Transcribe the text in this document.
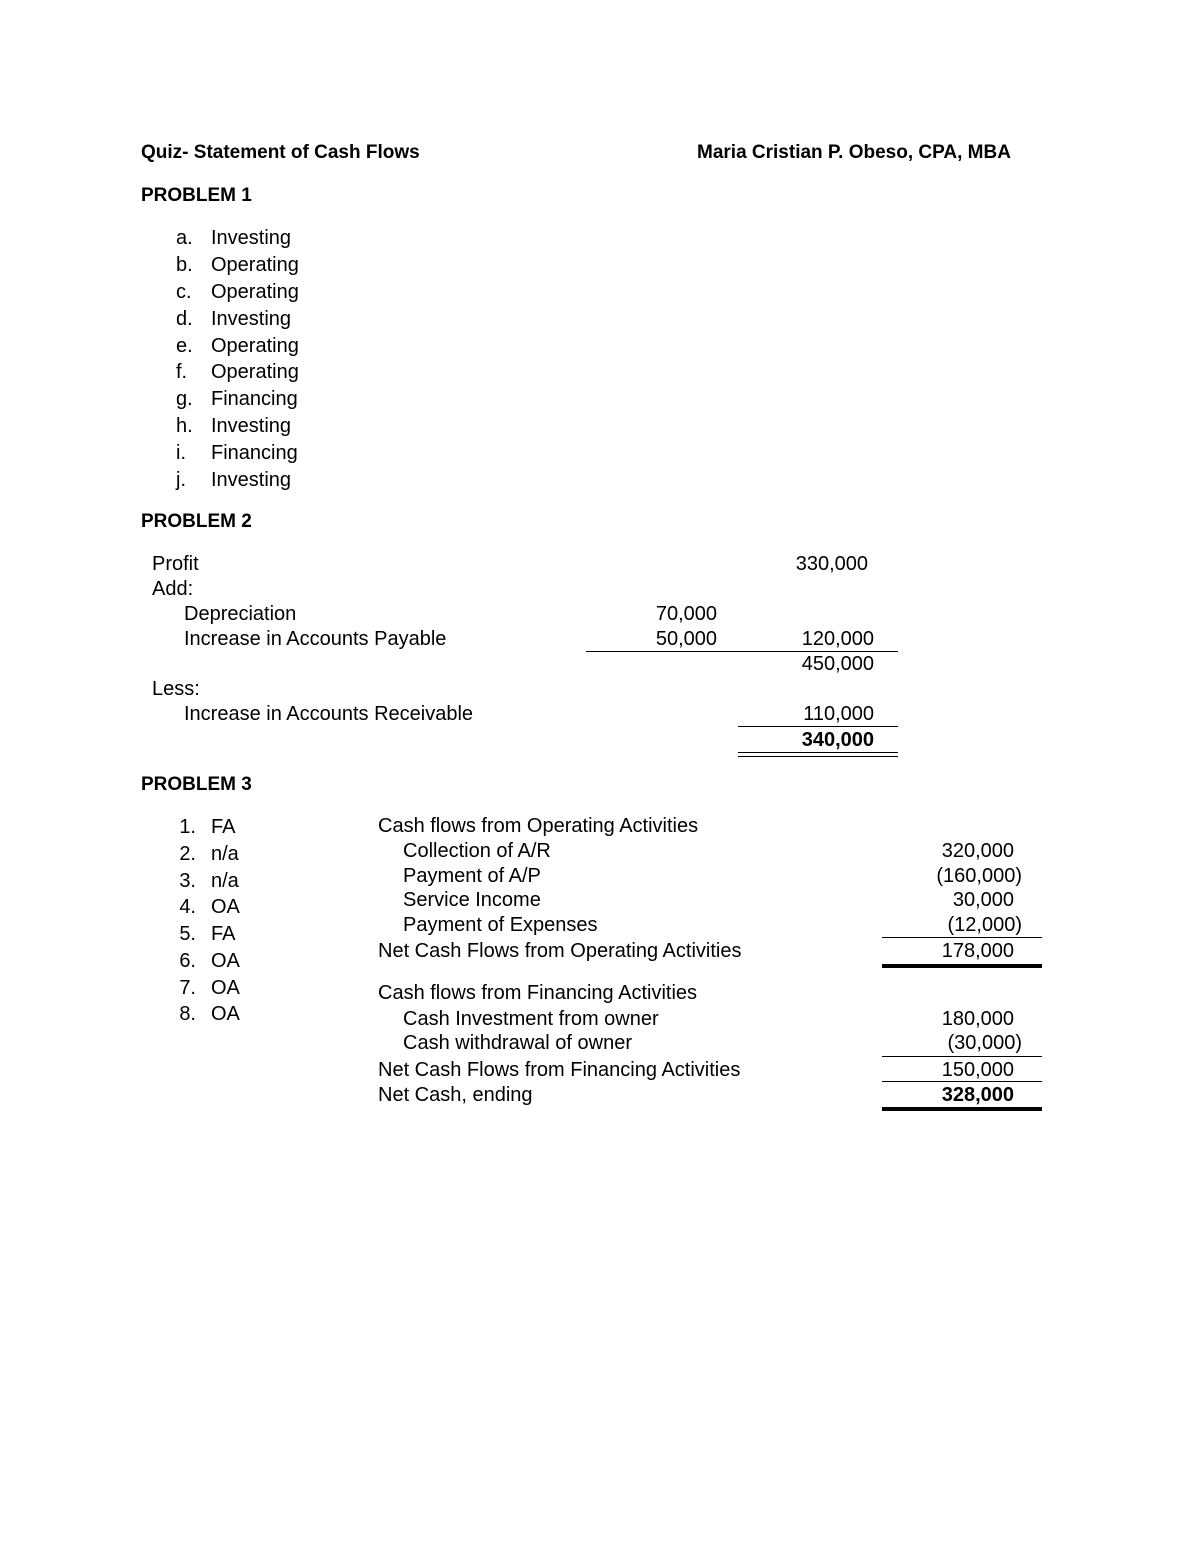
Quiz- Statement of Cash Flows	Maria Cristian P. Obeso, CPA, MBA
PROBLEM 1
a. Investing
b. Operating
c. Operating
d. Investing
e. Operating
f. Operating
g. Financing
h. Investing
i. Financing
j. Investing
PROBLEM 2
Profit	330,000
Add:
Depreciation	70,000
Increase in Accounts Payable	50,000	120,000
450,000
Less:
Increase in Accounts Receivable	110,000
340,000
PROBLEM 3
1. FA
2. n/a
3. n/a
4. OA
5. FA
6. OA
7. OA
8. OA
Cash flows from Operating Activities
Collection of A/R	320,000
Payment of A/P	(160,000)
Service Income	30,000
Payment of Expenses	(12,000)
Net Cash Flows from Operating Activities	178,000
Cash flows from Financing Activities
Cash Investment from owner	180,000
Cash withdrawal of owner	(30,000)
Net Cash Flows from Financing Activities	150,000
Net Cash, ending	328,000
